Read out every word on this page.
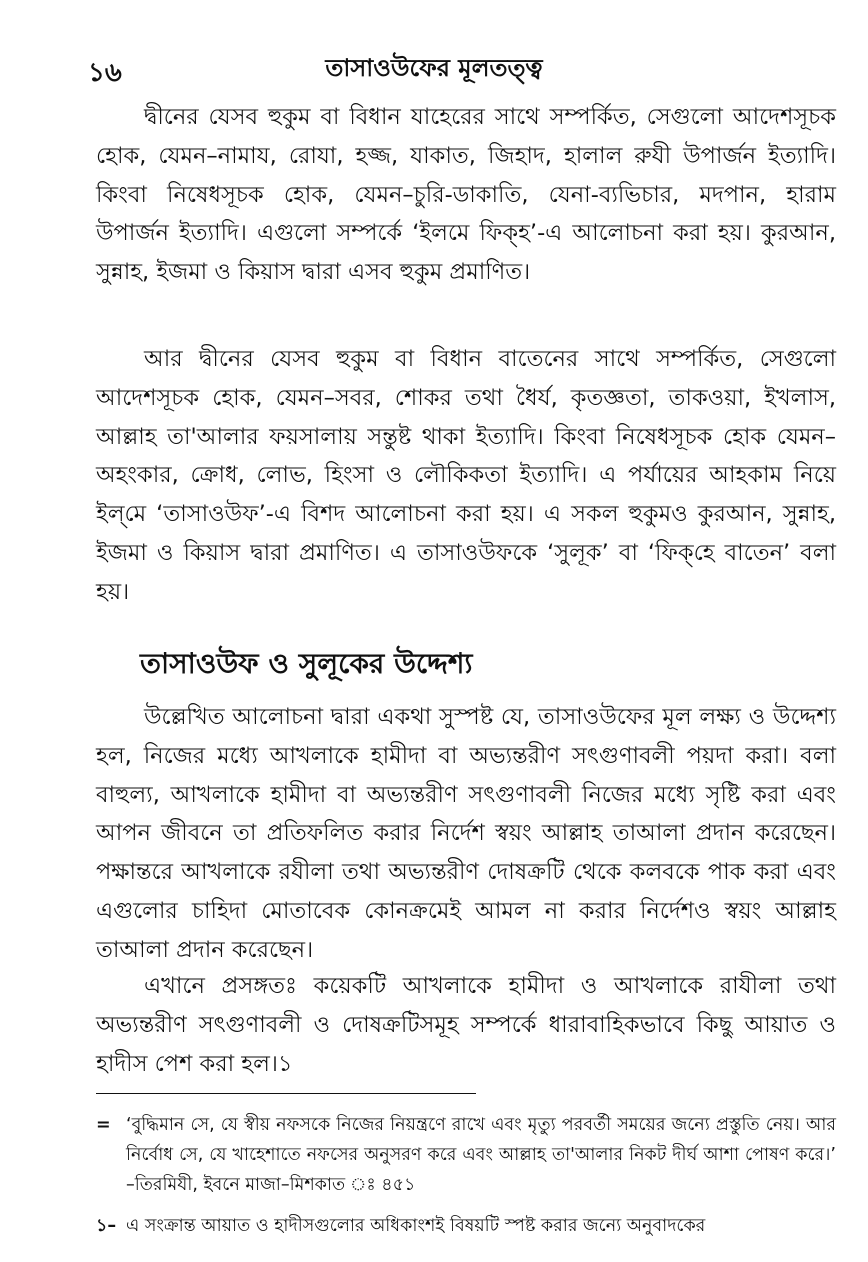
১৬	তাসাওউফের মূলতত্ত্ব

দ্বীনের যেসব হুকুম বা বিধান যাহেরের সাথে সম্পর্কিত, সেগুলো আদেশসূচক হোক, যেমন–নামায, রোযা, হজ্জ, যাকাত, জিহাদ, হালাল রুযী উপার্জন ইত্যাদি। কিংবা নিষেধসূচক হোক, যেমন–চুরি-ডাকাতি, যেনা-ব্যভিচার, মদপান, হারাম উপার্জন ইত্যাদি। এগুলো সম্পর্কে ‘ইলমে ফিক্‌হ’-এ আলোচনা করা হয়। কুরআন, সুন্নাহ, ইজমা ও কিয়াস দ্বারা এসব হুকুম প্রমাণিত।

আর দ্বীনের যেসব হুকুম বা বিধান বাতেনের সাথে সম্পর্কিত, সেগুলো আদেশসূচক হোক, যেমন–সবর, শোকর তথা ধৈর্য, কৃতজ্ঞতা, তাকওয়া, ইখলাস, আল্লাহ তা'আলার ফয়সালায় সন্তুষ্ট থাকা ইত্যাদি। কিংবা নিষেধসূচক হোক যেমন–অহংকার, ক্রোধ, লোভ, হিংসা ও লৌকিকতা ইত্যাদি। এ পর্যায়ের আহকাম নিয়ে ইল্‌মে ‘তাসাওউফ’-এ বিশদ আলোচনা করা হয়। এ সকল হুকুমও কুরআন, সুন্নাহ, ইজমা ও কিয়াস দ্বারা প্রমাণিত। এ তাসাওউফকে ‘সুলূক’ বা ‘ফিক্‌হে বাতেন’ বলা হয়।

তাসাওউফ ও সুলূকের উদ্দেশ্য

উল্লেখিত আলোচনা দ্বারা একথা সুস্পষ্ট যে, তাসাওউফের মূল লক্ষ্য ও উদ্দেশ্য হল, নিজের মধ্যে আখলাকে হামীদা বা অভ্যন্তরীণ সৎগুণাবলী পয়দা করা। বলা বাহুল্য, আখলাকে হামীদা বা অভ্যন্তরীণ সৎগুণাবলী নিজের মধ্যে সৃষ্টি করা এবং আপন জীবনে তা প্রতিফলিত করার নির্দেশ স্বয়ং আল্লাহ তাআলা প্রদান করেছেন। পক্ষান্তরে আখলাকে রযীলা তথা অভ্যন্তরীণ দোষক্রটি থেকে কলবকে পাক করা এবং এগুলোর চাহিদা মোতাবেক কোনক্রমেই আমল না করার নির্দেশও স্বয়ং আল্লাহ তাআলা প্রদান করেছেন।

এখানে প্রসঙ্গতঃ কয়েকটি আখলাকে হামীদা ও আখলাকে রাযীলা তথা অভ্যন্তরীণ সৎগুণাবলী ও দোষক্রটিসমূহ সম্পর্কে ধারাবাহিকভাবে কিছু আয়াত ও হাদীস পেশ করা হল।১

= ‘বুদ্ধিমান সে, যে স্বীয় নফসকে নিজের নিয়ন্ত্রণে রাখে এবং মৃত্যু পরবর্তী সময়ের জন্যে প্রস্তুতি নেয়। আর নির্বোধ সে, যে খাহেশাতে নফসের অনুসরণ করে এবং আল্লাহ তা'আলার নিকট দীর্ঘ আশা পোষণ করে।’ –তিরমিযী, ইবনে মাজা–মিশকাত ঃ ৪৫১

১– এ সংক্রান্ত আয়াত ও হাদীসগুলোর অধিকাংশই বিষয়টি স্পষ্ট করার জন্যে অনুবাদকের
